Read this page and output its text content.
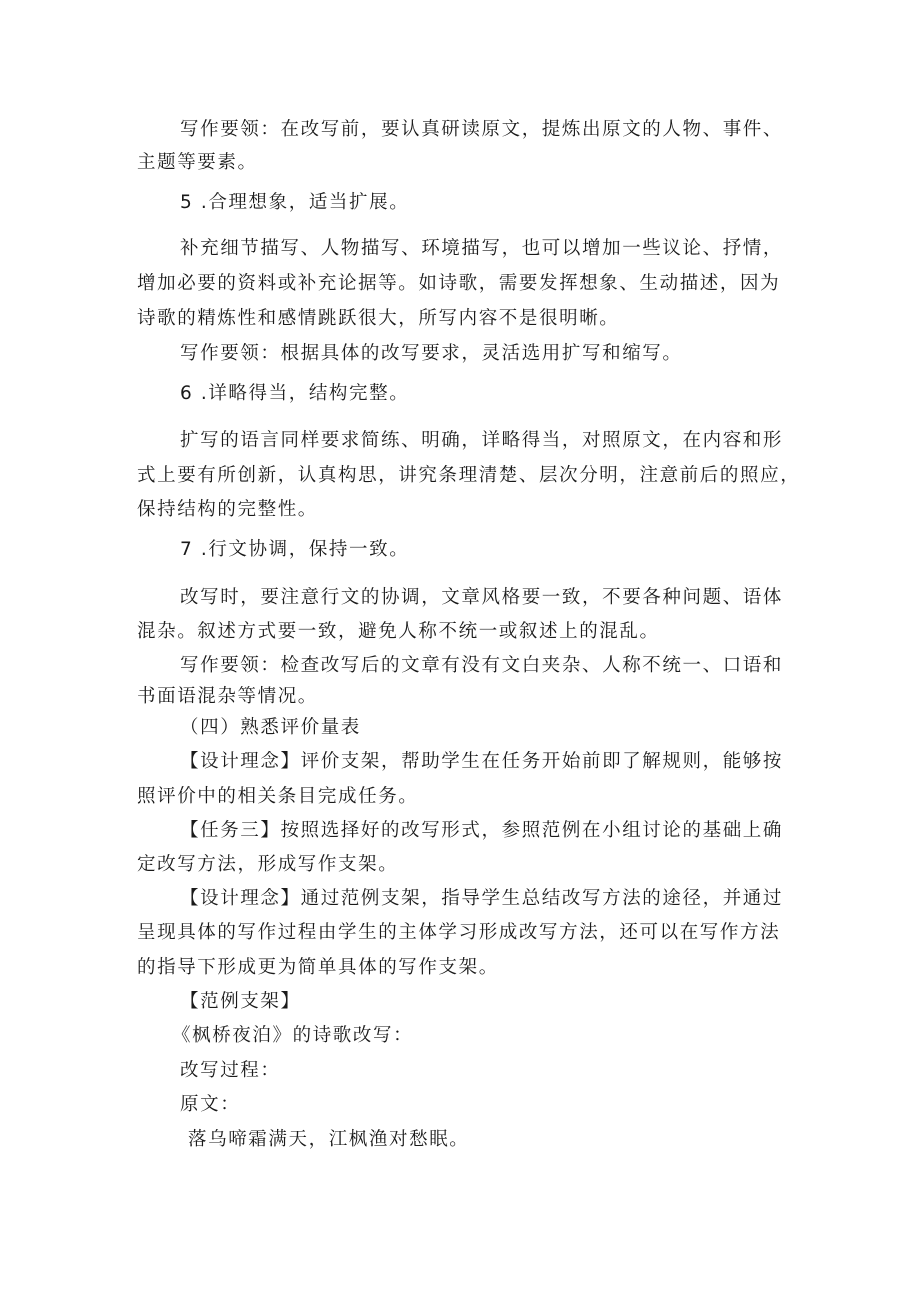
写作要领：在改写前，要认真研读原文，提炼出原文的人物、事件、
主题等要素。
5 .合理想象，适当扩展。
补充细节描写、人物描写、环境描写，也可以增加一些议论、抒情，
增加必要的资料或补充论据等。如诗歌，需要发挥想象、生动描述，因为
诗歌的精炼性和感情跳跃很大，所写内容不是很明晰。
写作要领：根据具体的改写要求，灵活选用扩写和缩写。
6 .详略得当，结构完整。
扩写的语言同样要求简练、明确，详略得当，对照原文，在内容和形
式上要有所创新，认真构思，讲究条理清楚、层次分明，注意前后的照应，
保持结构的完整性。
7 .行文协调，保持一致。
改写时，要注意行文的协调，文章风格要一致，不要各种问题、语体
混杂。叙述方式要一致，避免人称不统一或叙述上的混乱。
写作要领：检查改写后的文章有没有文白夹杂、人称不统一、口语和
书面语混杂等情况。
（四）熟悉评价量表
【设计理念】评价支架，帮助学生在任务开始前即了解规则，能够按
照评价中的相关条目完成任务。
【任务三】按照选择好的改写形式，参照范例在小组讨论的基础上确
定改写方法，形成写作支架。
【设计理念】通过范例支架，指导学生总结改写方法的途径，并通过
呈现具体的写作过程由学生的主体学习形成改写方法，还可以在写作方法
的指导下形成更为简单具体的写作支架。
【范例支架】
《枫桥夜泊》的诗歌改写：
改写过程：
原文：
落乌啼霜满天，江枫渔对愁眠。
